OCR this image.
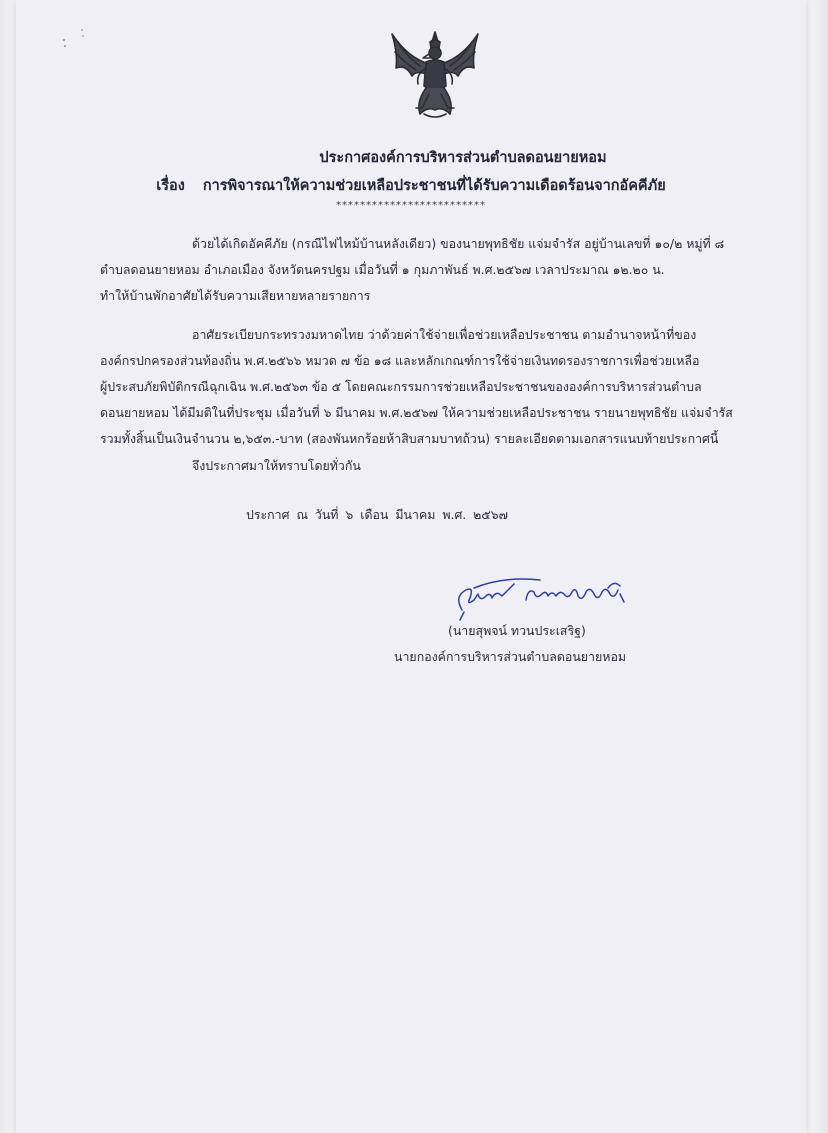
ประกาศองค์การบริหารส่วนตำบลดอนยายหอม
เรื่อง การพิจารณาให้ความช่วยเหลือประชาชนที่ได้รับความเดือดร้อนจากอัคคีภัย
*************************
ด้วยได้เกิดอัคคีภัย (กรณีไฟไหม้บ้านหลังเดียว) ของนายพุทธิชัย แจ่มจำรัส อยู่บ้านเลขที่ ๑๐/๒ หมู่ที่ ๘
ตำบลดอนยายหอม อำเภอเมือง จังหวัดนครปฐม เมื่อวันที่ ๑ กุมภาพันธ์ พ.ศ.๒๕๖๗ เวลาประมาณ ๑๒.๒๐ น.
ทำให้บ้านพักอาศัยได้รับความเสียหายหลายรายการ
อาศัยระเบียบกระทรวงมหาดไทย ว่าด้วยค่าใช้จ่ายเพื่อช่วยเหลือประชาชน ตามอำนาจหน้าที่ของ
องค์กรปกครองส่วนท้องถิ่น พ.ศ.๒๕๖๖ หมวด ๗ ข้อ ๑๘ และหลักเกณฑ์การใช้จ่ายเงินทดรองราชการเพื่อช่วยเหลือ
ผู้ประสบภัยพิบัติกรณีฉุกเฉิน พ.ศ.๒๕๖๓ ข้อ ๕ โดยคณะกรรมการช่วยเหลือประชาชนขององค์การบริหารส่วนตำบล
ดอนยายหอม ได้มีมติในที่ประชุม เมื่อวันที่ ๖ มีนาคม พ.ศ.๒๕๖๗ ให้ความช่วยเหลือประชาชน รายนายพุทธิชัย แจ่มจำรัส
รวมทั้งสิ้นเป็นเงินจำนวน ๒,๖๕๓.-บาท (สองพันหกร้อยห้าสิบสามบาทถ้วน) รายละเอียดตามเอกสารแนบท้ายประกาศนี้
จึงประกาศมาให้ทราบโดยทั่วกัน
ประกาศ ณ วันที่ ๖ เดือน มีนาคม พ.ศ. ๒๕๖๗
(นายสุพจน์ ทวนประเสริฐ)
นายกองค์การบริหารส่วนตำบลดอนยายหอม
